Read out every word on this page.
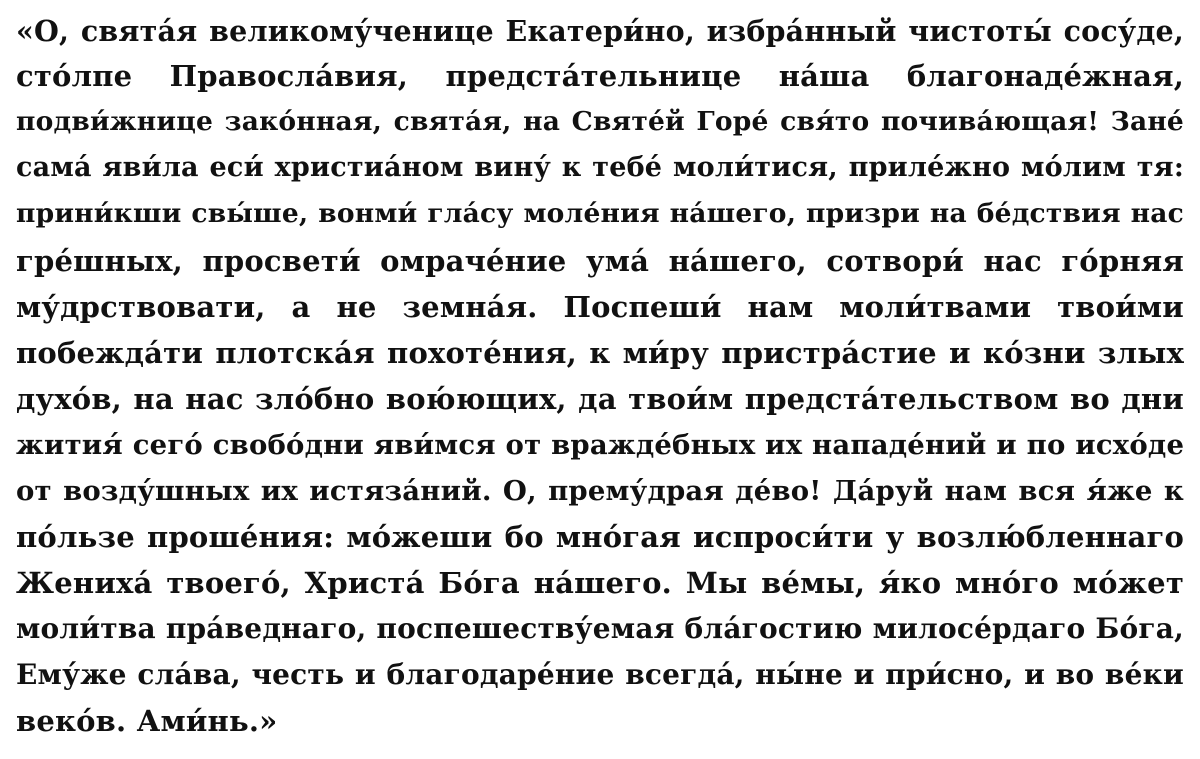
«О, свята́я великому́ченице Екатери́но, избра́нный чистоты́ сосу́де,
сто́лпе Правосла́вия, предста́тельнице на́ша благонаде́жная,
подви́жнице зако́нная, свята́я, на Святе́й Горе́ свя́то почива́ющая! Зане́
сама́ яви́ла еси́ христиа́ном вину́ к тебе́ моли́тися, приле́жно мо́лим тя:
прини́кши свы́ше, вонми́ гла́су моле́ния на́шего, призри на бе́дствия нас
гре́шных, просвети́ омраче́ние ума́ на́шего, сотвори́ нас го́рняя
му́дрствовати, а не земна́я. Поспеши́ нам моли́твами твои́ми
побежда́ти плотска́я похоте́ния, к ми́ру пристра́стие и ко́зни злых
духо́в, на нас зло́бно вою́ющих, да твои́м предста́тельством во дни
жития́ сего́ свобо́дни яви́мся от вражде́бных их нападе́ний и по исхо́де
от возду́шных их истяза́ний. О, прему́драя де́во! Да́руй нам вся я́же к
по́льзе проше́ния: мо́жеши бо мно́гая испроси́ти у возлю́бленнаго
Жениха́ твоего́, Христа́ Бо́га на́шего. Мы ве́мы, я́ко мно́го мо́жет
моли́тва пра́веднаго, поспешеству́емая бла́гостию милосе́рдаго Бо́га,
Ему́же сла́ва, честь и благодаре́ние всегда́, ны́не и при́сно, и во ве́ки
веко́в. Ами́нь.»
